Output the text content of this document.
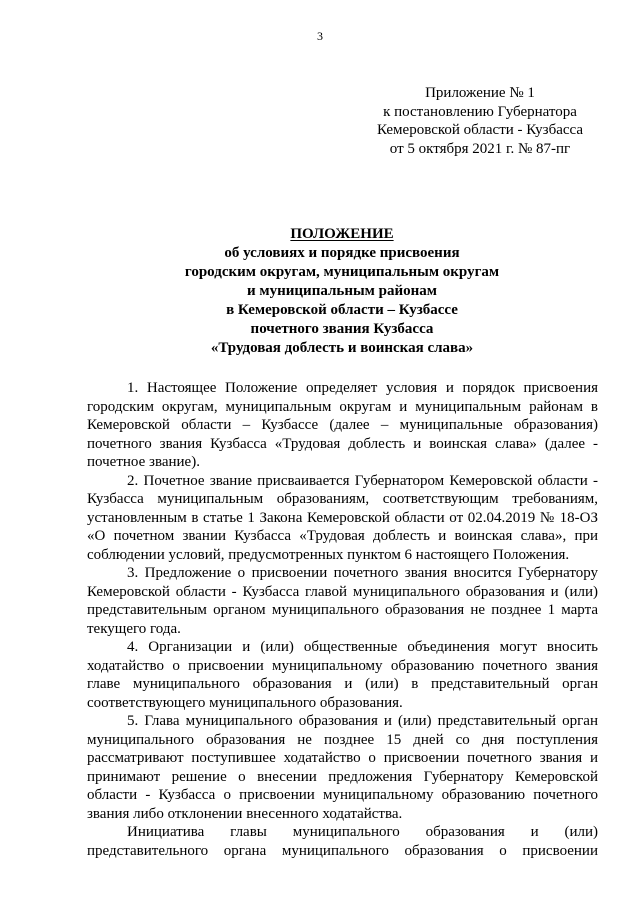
3
Приложение № 1
к постановлению Губернатора
Кемеровской области - Кузбасса
от 5 октября 2021 г. № 87-пг
ПОЛОЖЕНИЕ
об условиях и порядке присвоения
городским округам, муниципальным округам
и муниципальным районам
в Кемеровской области – Кузбассе
почетного звания Кузбасса
«Трудовая доблесть и воинская слава»

1. Настоящее Положение определяет условия и порядок присвоения городским округам, муниципальным округам и муниципальным районам в Кемеровской области – Кузбассе (далее – муниципальные образования) почетного звания Кузбасса «Трудовая доблесть и воинская слава» (далее - почетное звание).

2. Почетное звание присваивается Губернатором Кемеровской области - Кузбасса муниципальным образованиям, соответствующим требованиям, установленным в статье 1 Закона Кемеровской области от 02.04.2019 № 18-ОЗ «О почетном звании Кузбасса «Трудовая доблесть и воинская слава», при соблюдении условий, предусмотренных пунктом 6 настоящего Положения.

3. Предложение о присвоении почетного звания вносится Губернатору Кемеровской области - Кузбасса главой муниципального образования и (или) представительным органом муниципального образования не позднее 1 марта текущего года.

4. Организации и (или) общественные объединения могут вносить ходатайство о присвоении муниципальному образованию почетного звания главе муниципального образования и (или) в представительный орган соответствующего муниципального образования.

5. Глава муниципального образования и (или) представительный орган муниципального образования не позднее 15 дней со дня поступления рассматривают поступившее ходатайство о присвоении почетного звания и принимают решение о внесении предложения Губернатору Кемеровской области - Кузбасса о присвоении муниципальному образованию почетного звания либо отклонении внесенного ходатайства.

Инициатива главы муниципального образования и (или) представительного органа муниципального образования о присвоении
